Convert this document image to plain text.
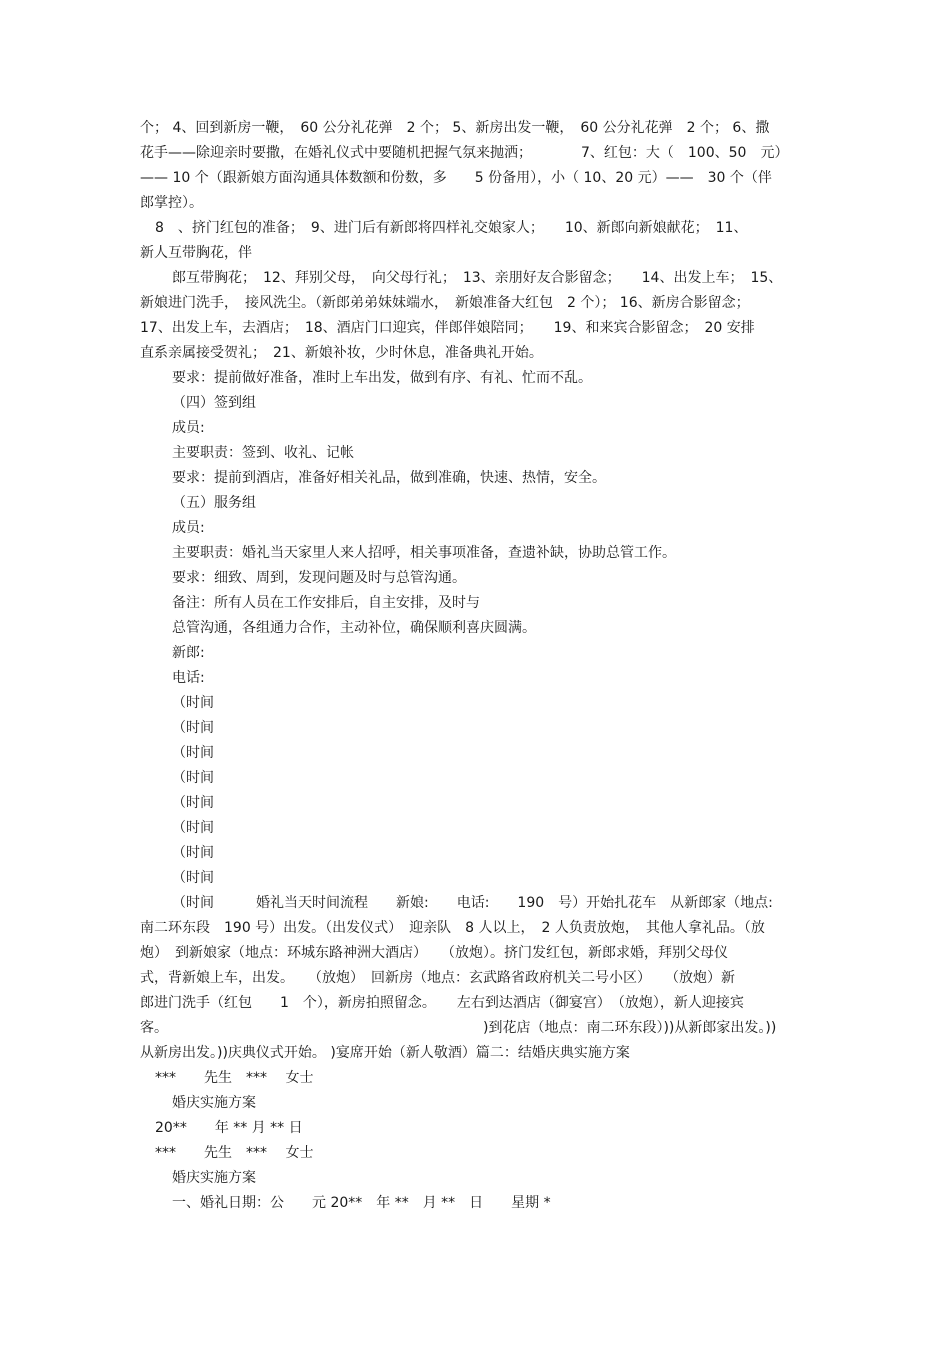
个； 4、回到新房一鞭，　60 公分礼花弹　2 个； 5、新房出发一鞭，　60 公分礼花弹　2 个； 6、撒
花手——除迎亲时要撒，在婚礼仪式中要随机把握气氛来抛洒；　　　　7、红包：大（　100、50　元）
—— 10 个（跟新娘方面沟通具体数额和份数，多　　5 份备用），小（ 10、20 元）——　30 个（伴
郎掌控）。
8　、挤门红包的准备；　9、进门后有新郎将四样礼交娘家人；　　10、新郎向新娘献花；　11、
新人互带胸花，伴
郎互带胸花；　12、拜别父母，　向父母行礼；　13、亲朋好友合影留念；　　14、出发上车；　15、
新娘进门洗手，　接风洗尘。（新郎弟弟妹妹端水，　新娘准备大红包　2 个）； 16、新房合影留念；
17、出发上车，去酒店；　18、酒店门口迎宾，伴郎伴娘陪同；　　19、和来宾合影留念；　20 安排
直系亲属接受贺礼；　21、新娘补妆，少时休息，准备典礼开始。
要求：提前做好准备，准时上车出发，做到有序、有礼、忙而不乱。
（四）签到组
成员:
主要职责：签到、收礼、记帐
要求：提前到酒店，准备好相关礼品，做到准确，快速、热情，安全。
（五）服务组
成员:
主要职责：婚礼当天家里人来人招呼，相关事项准备，查遗补缺，协助总管工作。
要求：细致、周到，发现问题及时与总管沟通。
备注：所有人员在工作安排后，自主安排，及时与
总管沟通，各组通力合作，主动补位，确保顺利喜庆圆满。
新郎:
电话:
（时间
（时间
（时间
（时间
（时间
（时间
（时间
（时间
（时间　　　婚礼当天时间流程　　新娘:　　电话:　　190　号）开始扎花车　从新郎家（地点:
南二环东段　190 号）出发。（出发仪式）　迎亲队　8 人以上，　2 人负责放炮，　其他人拿礼品。（放
炮）　到新娘家（地点：环城东路神洲大酒店）　　（放炮）。挤门发红包，新郎求婚，拜别父母仪
式，背新娘上车，出发。　　（放炮）　回新房（地点：玄武路省政府机关二号小区）　　（放炮）新
郎进门洗手（红包　　1　个），新房拍照留念。　　左右到达酒店（御宴宫）　（放炮），新人迎接宾
客。　　　　　　　　　　　　　　　　　　　　　　　)到花店（地点：南二环东段）))从新郎家出发。))
从新房出发。))庆典仪式开始。 )宴席开始（新人敬酒）篇二：结婚庆典实施方案
***　　先生　***　 女士
婚庆实施方案
20**　　年 ** 月 ** 日
***　　先生　***　 女士
婚庆实施方案
一、婚礼日期：公　　元 20**　年 **　月 **　日　　星期 *
